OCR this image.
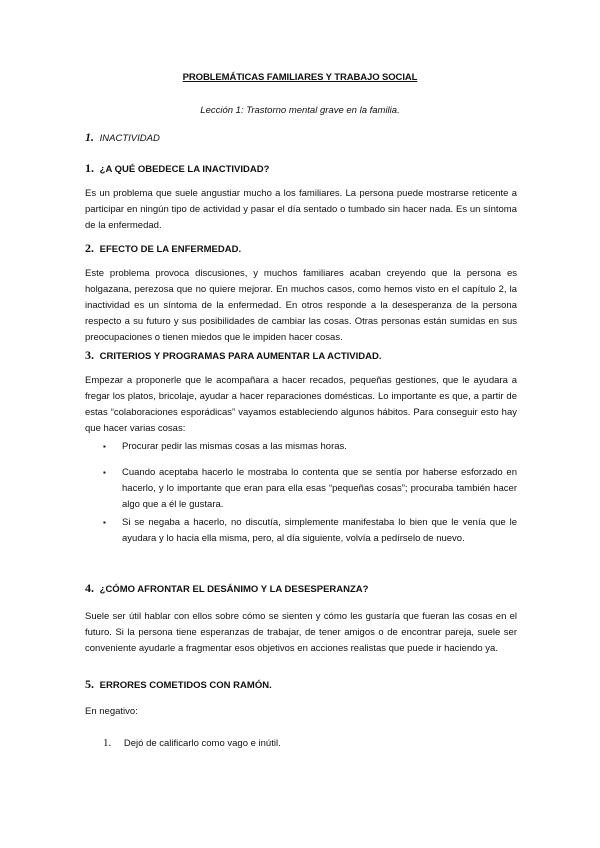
PROBLEMÁTICAS FAMILIARES Y TRABAJO SOCIAL
Lección 1: Trastorno mental grave en la familia.
1. INACTIVIDAD
1. ¿A QUÉ OBEDECE LA INACTIVIDAD?

Es un problema que suele angustiar mucho a los familiares. La persona puede mostrarse reticente a participar en ningún tipo de actividad y pasar el día sentado o tumbado sin hacer nada. Es un síntoma de la enfermedad.

2. EFECTO DE LA ENFERMEDAD.

Este problema provoca discusiones, y muchos familiares acaban creyendo que la persona es holgazana, perezosa que no quiere mejorar. En muchos casos, como hemos visto en el capítulo 2, la inactividad es un síntoma de la enfermedad. En otros responde a la desesperanza de la persona respecto a su futuro y sus posibilidades de cambiar las cosas. Otras personas están sumidas en sus preocupaciones o tienen miedos que le impiden hacer cosas.

3. CRITERIOS Y PROGRAMAS PARA AUMENTAR LA ACTIVIDAD.

Empezar a proponerle que le acompañara a hacer recados, pequeñas gestiones, que le ayudara a fregar los platos, bricolaje, ayudar a hacer reparaciones domésticas. Lo importante es que, a partir de estas “colaboraciones esporádicas” vayamos estableciendo algunos hábitos. Para conseguir esto hay que hacer varias cosas:

▪ Procurar pedir las mismas cosas a las mismas horas.
▪ Cuando aceptaba hacerlo le mostraba lo contenta que se sentía por haberse esforzado en hacerlo, y lo importante que eran para ella esas “pequeñas cosas”; procuraba también hacer algo que a él le gustara.
▪ Si se negaba a hacerlo, no discutía, simplemente manifestaba lo bien que le venía que le ayudara y lo hacia ella misma, pero, al día siguiente, volvía a pedírselo de nuevo.
4. ¿CÓMO AFRONTAR EL DESÁNIMO Y LA DESESPERANZA?

Suele ser útil hablar con ellos sobre cómo se sienten y cómo les gustaría que fueran las cosas en el futuro. Si la persona tiene esperanzas de trabajar, de tener amigos o de encontrar pareja, suele ser conveniente ayudarle a fragmentar esos objetivos en acciones realistas que puede ir haciendo ya.

5. ERRORES COMETIDOS CON RAMÓN.
En negativo:
1. Dejó de calificarlo como vago e inútil.
